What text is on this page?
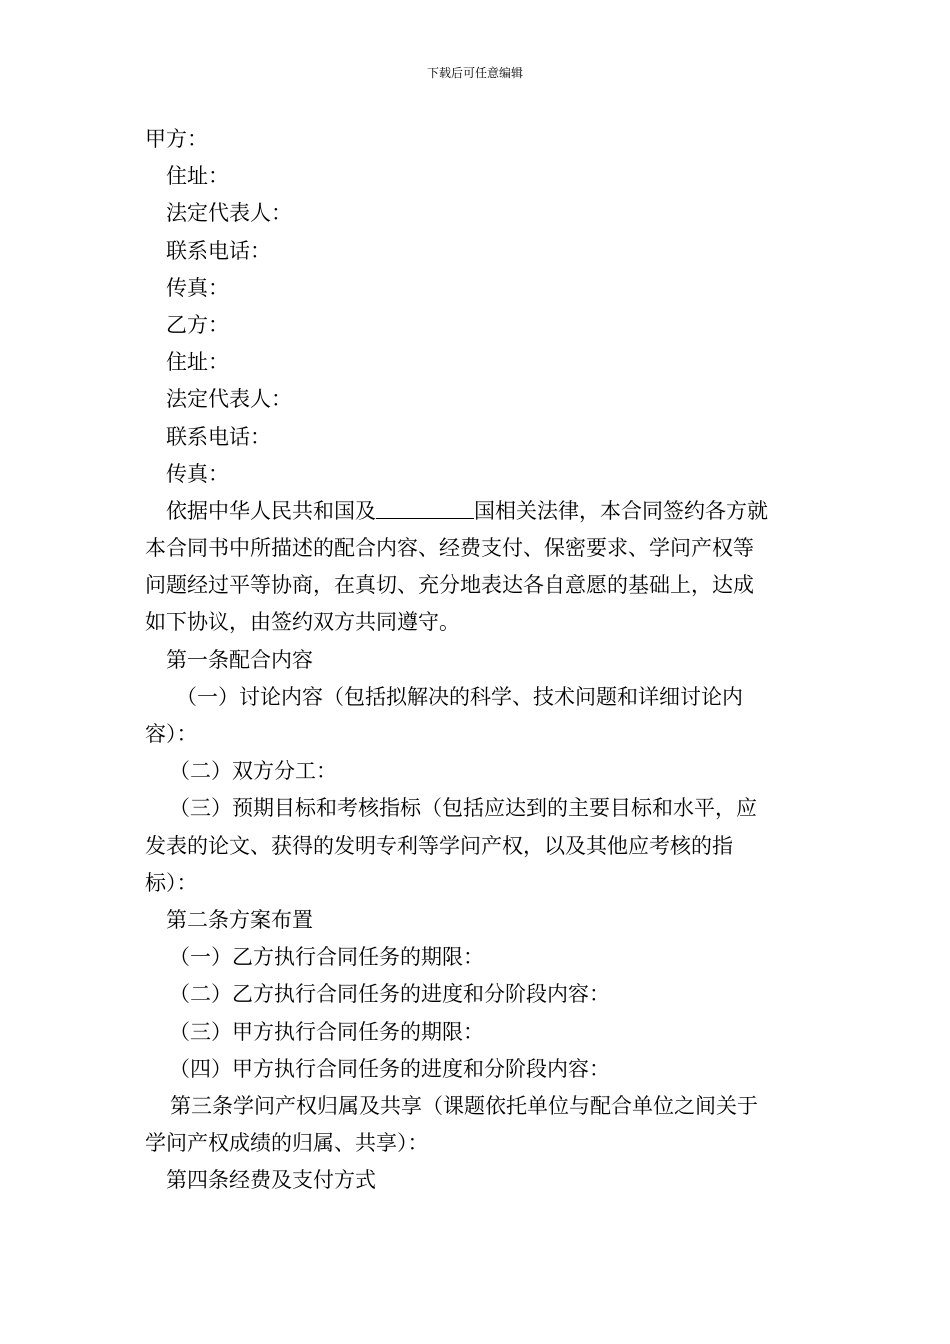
下载后可任意编辑
甲方：
住址：
法定代表人：
联系电话：
传真：
乙方：
住址：
法定代表人：
联系电话：
传真：
依据中华人民共和国及	国相关法律，本合同签约各方就
本合同书中所描述的配合内容、经费支付、保密要求、学问产权等
问题经过平等协商，在真切、充分地表达各自意愿的基础上，达成
如下协议，由签约双方共同遵守。
第一条配合内容
（一）讨论内容（包括拟解决的科学、技术问题和详细讨论内
容）：
（二）双方分工：
（三）预期目标和考核指标（包括应达到的主要目标和水平，应
发表的论文、获得的发明专利等学问产权，以及其他应考核的指
标）：
第二条方案布置
（一）乙方执行合同任务的期限：
（二）乙方执行合同任务的进度和分阶段内容：
（三）甲方执行合同任务的期限：
（四）甲方执行合同任务的进度和分阶段内容：
第三条学问产权归属及共享（课题依托单位与配合单位之间关于
学问产权成绩的归属、共享）：
第四条经费及支付方式
